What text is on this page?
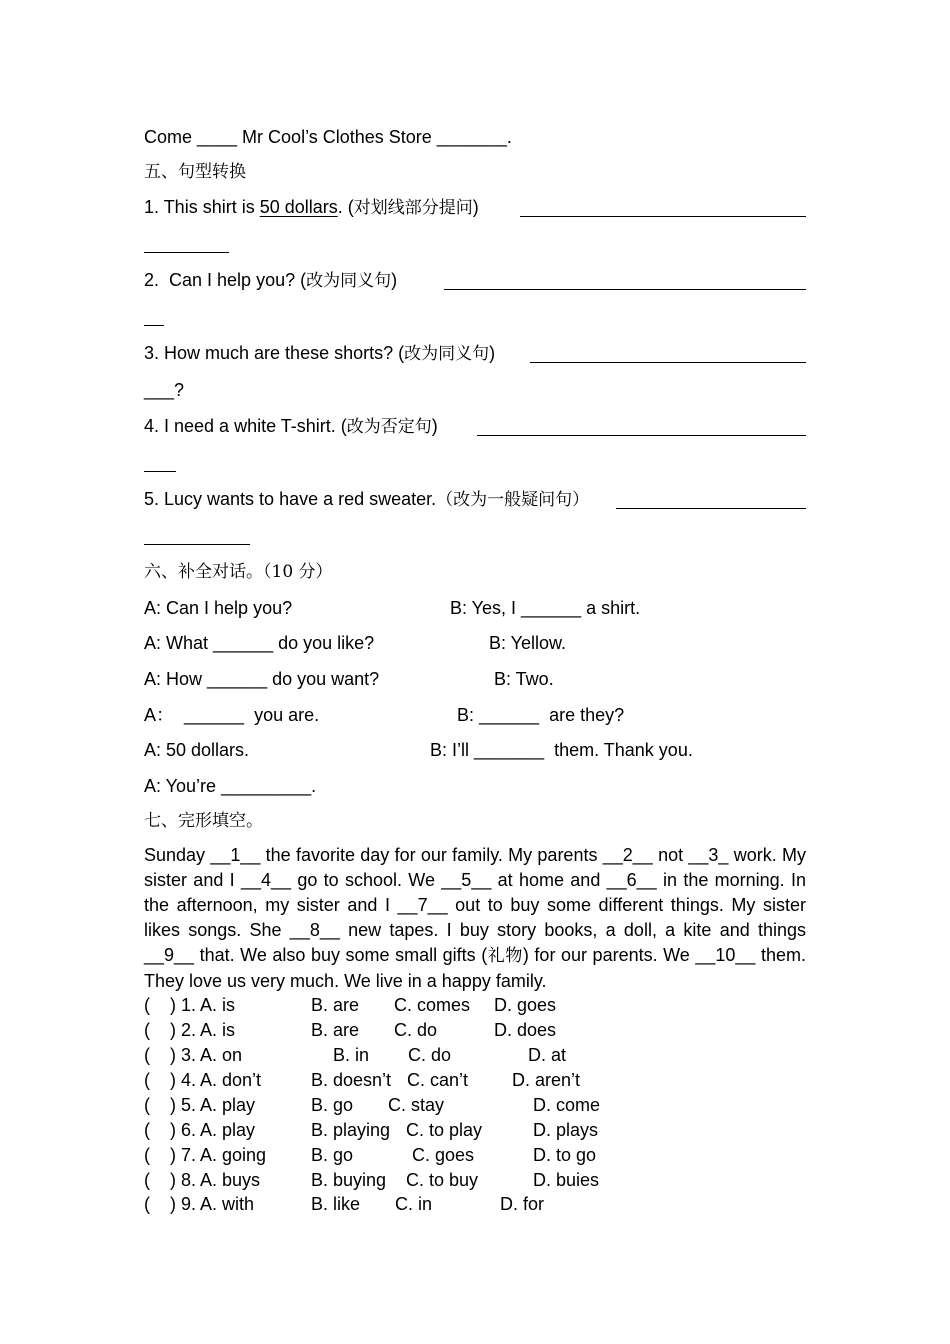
Come ____ Mr Cool’s Clothes Store _______.
五、句型转换
1. This shirt is 50 dollars. (对划线部分提问)
2.  Can I help you? (改为同义句)
3. How much are these shorts? (改为同义句)
___?
4. I need a white T-shirt. (改为否定句)
5. Lucy wants to have a red sweater.（改为一般疑问句）
六、补全对话。（10 分）
A: Can I help you?	B: Yes, I ______ a shirt.
A: What ______ do you like?	B: Yellow.
A: How ______ do you want?	B: Two.
A：  ______  you are.	B: ______  are they?
A: 50 dollars.	B: I’ll _______  them. Thank you.
A: You’re _________.
七、完形填空。
Sunday __1__ the favorite day for our family. My parents __2__ not __3_ work. My sister and I __4__ go to school. We __5__ at home and __6__ in the morning. In the afternoon, my sister and I __7__ out to buy some different things. My sister likes songs. She __8__ new tapes. I buy story books, a doll, a kite and things __9__ that. We also buy some small gifts (礼物) for our parents. We __10__ them. They love us very much. We live in a happy family.
(    ) 1. A. is	B. are C. comes D. goes
(    ) 2. A. is	B. are C. do	D. does
(    ) 3. A. on	B. in C. do	D. at
(    ) 4. A. don’t	B. doesn’t C. can’t D. aren’t
(    ) 5. A. play	B. go C. stay	D. come
(    ) 6. A. play	B. playing C. to play	D. plays
(    ) 7. A. going B. go	C. goes	D. to go
(    ) 8. A. buys	B. buying C. to buy	D. buies
(    ) 9. A. with	B. like C. in	D. for
